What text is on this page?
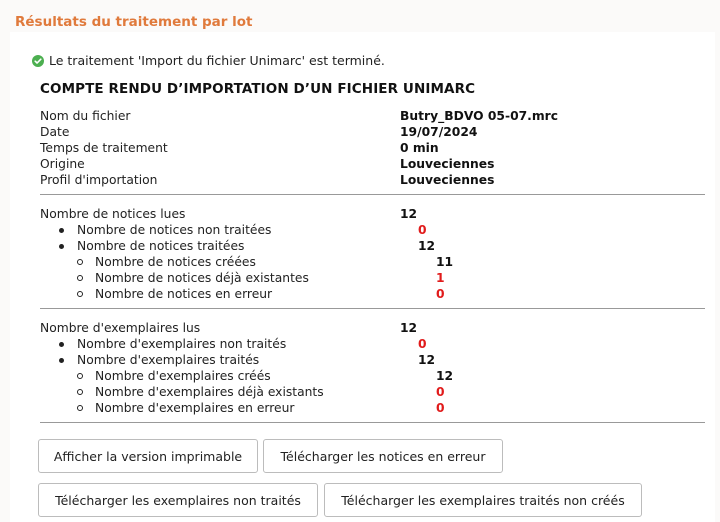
Résultats du traitement par lot
Le traitement 'Import du fichier Unimarc' est terminé.
COMPTE RENDU D’IMPORTATION D’UN FICHIER UNIMARC
Nom du fichier	Butry_BDVO 05-07.mrc
Date	19/07/2024
Temps de traitement	0 min
Origine	Louveciennes
Profil d'importation	Louveciennes
Nombre de notices lues	12
Nombre de notices non traitées	0
Nombre de notices traitées	12
Nombre de notices créées	11
Nombre de notices déjà existantes	1
Nombre de notices en erreur	0
Nombre d'exemplaires lus	12
Nombre d'exemplaires non traités	0
Nombre d'exemplaires traités	12
Nombre d'exemplaires créés	12
Nombre d'exemplaires déjà existants	0
Nombre d'exemplaires en erreur	0
Afficher la version imprimable	Télécharger les notices en erreur
Télécharger les exemplaires non traités	Télécharger les exemplaires traités non créés
